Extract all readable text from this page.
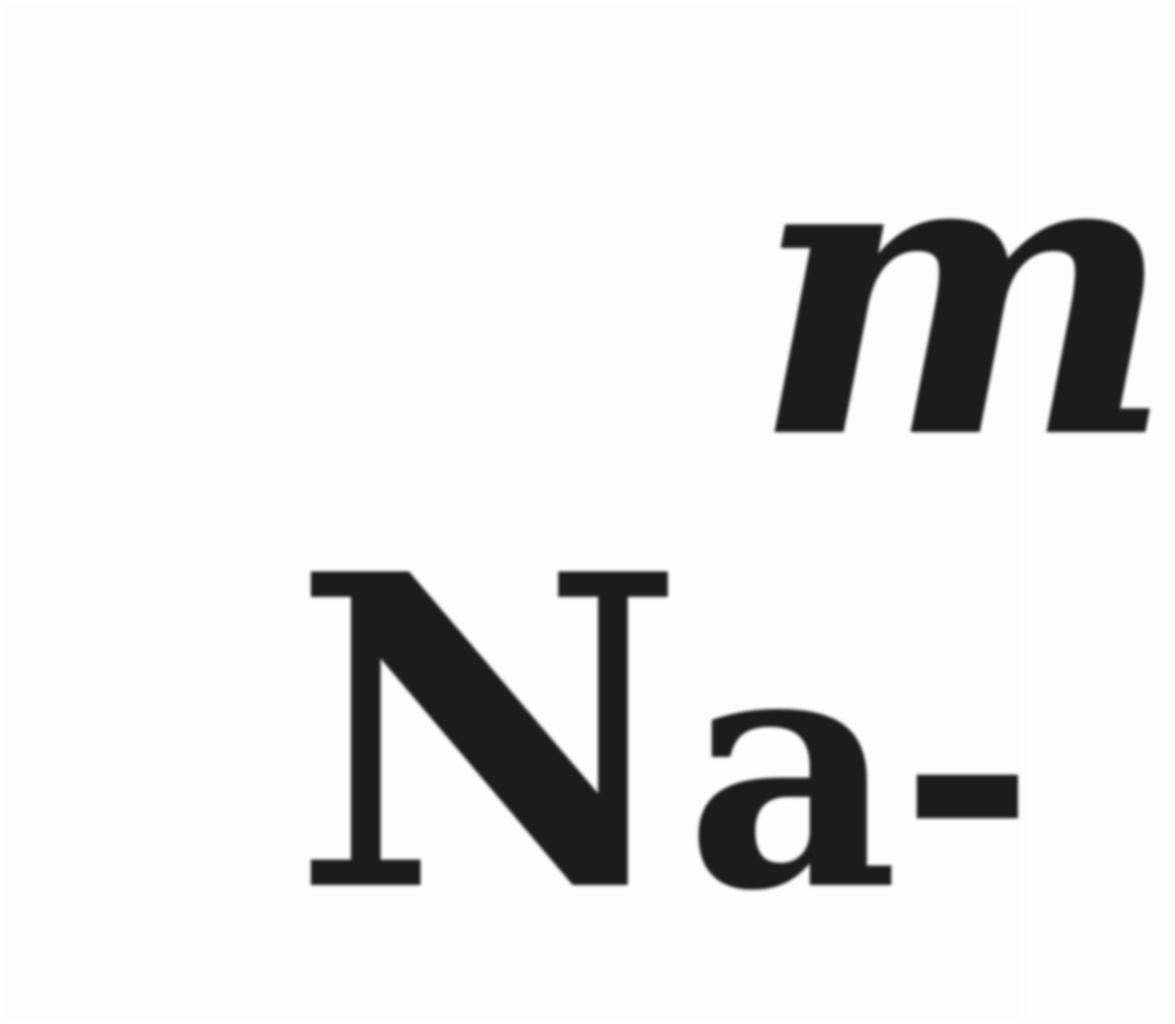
m
Na-
